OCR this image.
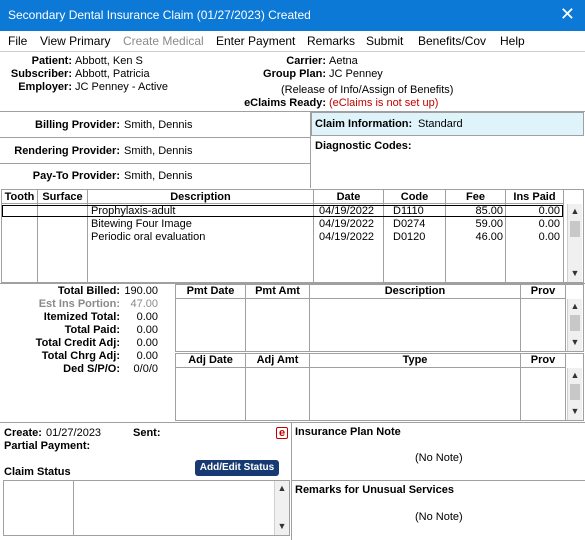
Secondary Dental Insurance Claim (01/27/2023) Created	✕
File View Primary Create Medical Enter Payment Remarks Submit Benefits/Cov Help
Patient: Abbott, Ken S
Subscriber: Abbott, Patricia
Employer: JC Penney - Active
Carrier: Aetna
Group Plan: JC Penney
(Release of Info/Assign of Benefits)
eClaims Ready: (eClaims is not set up)
Billing Provider: Smith, Dennis
Rendering Provider: Smith, Dennis
Pay-To Provider: Smith, Dennis
Claim Information: Standard
Diagnostic Codes:
Tooth Surface	Description	Date	Code	Fee	Ins Paid
Prophylaxis-adult	04/19/2022 D1110	85.00	0.00
Bitewing Four Image	04/19/2022 D0274	59.00	0.00
Periodic oral evaluation	04/19/2022 D0120	46.00	0.00
▲
▼
Total Billed: 190.00
Est Ins Portion: 47.00
Itemized Total:	0.00
Total Paid:	0.00
Total Credit Adj:	0.00
Total Chrg Adj:	0.00
Ded S/P/O:	0/0/0
Pmt Date	Pmt Amt	Description	Prov
▲
▼
Adj Date	Adj Amt	Type	Prov
▲
▼
Create: 01/27/2023	Sent:	e
Partial Payment:
Claim Status	Add/Edit Status
▲
▼
Insurance Plan Note
(No Note)
Remarks for Unusual Services
(No Note)
